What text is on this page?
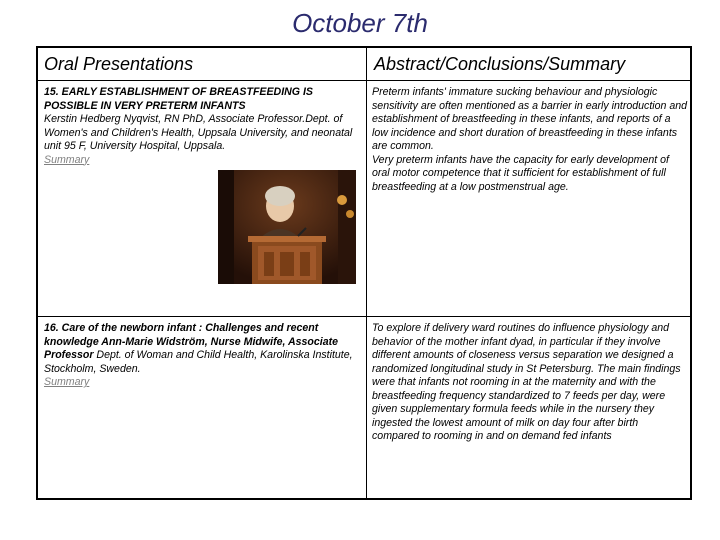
October 7th
Oral Presentations	Abstract/Conclusions/Summary

15. EARLY ESTABLISHMENT OF BREASTFEEDING IS POSSIBLE IN VERY PRETERM INFANTS

Kerstin Hedberg Nyqvist, RN PhD, Associate Professor.Dept. of Women's and Children's Health, Uppsala University, and neonatal unit 95 F, University Hospital, Uppsala.

Summary

Preterm infants' immature sucking behaviour and physiologic sensitivity are often mentioned as a barrier in early introduction and establishment of breastfeeding in these infants, and reports of a low incidence and short duration of breastfeeding in these infants are common.

Very preterm infants have the capacity for early development of oral motor competence that it sufficient for establishment of full breastfeeding at a low postmenstrual age.

16. Care of the newborn infant : Challenges and recent knowledge Ann-Marie Widström, Nurse Midwife, Associate Professor Dept. of Woman and Child Health, Karolinska Institute, Stockholm, Sweden.

Summary

To explore if delivery ward routines do influence physiology and behavior of the mother infant dyad, in particular if they involve different amounts of closeness versus separation we designed a randomized longitudinal study in St Petersburg. The main findings were that infants not rooming in at the maternity and with the breastfeeding frequency standardized to 7 feeds per day, were given supplementary formula feeds while in the nursery they ingested the lowest amount of milk on day four after birth compared to rooming in and on demand fed infants
